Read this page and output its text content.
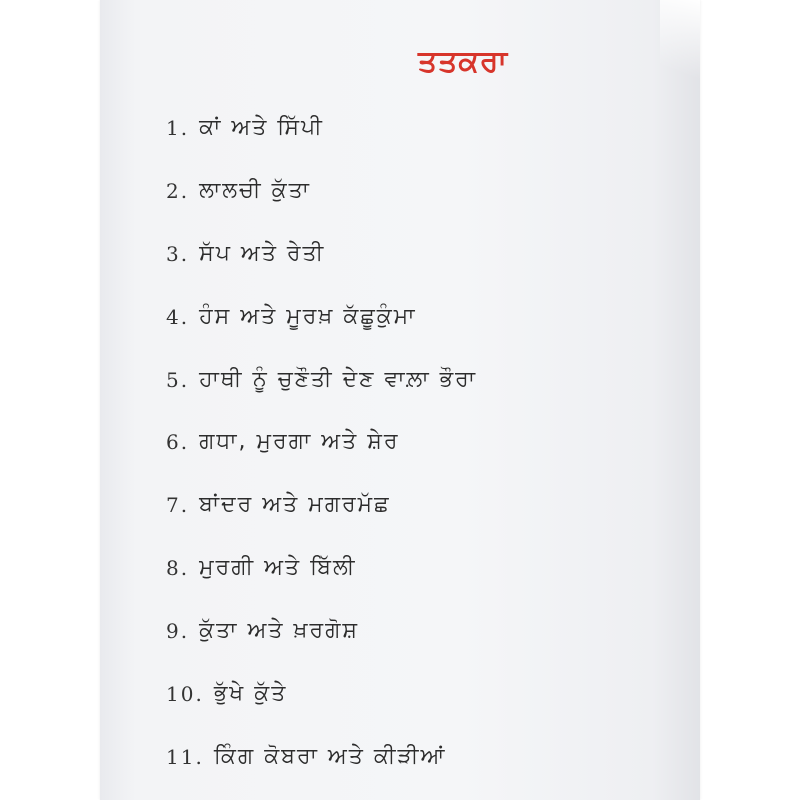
ਤਤਕਰਾ
1. ਕਾਂ ਅਤੇ ਸਿੱਪੀ
2. ਲਾਲਚੀ ਕੁੱਤਾ
3. ਸੱਪ ਅਤੇ ਰੇਤੀ
4. ਹੰਸ ਅਤੇ ਮੂਰਖ਼ ਕੱਛੂਕੁੰਮਾ
5. ਹਾਥੀ ਨੂੰ ਚੁਣੌਤੀ ਦੇਣ ਵਾਲ਼ਾ ਭੌਰਾ
6. ਗਧਾ, ਮੁਰਗਾ ਅਤੇ ਸ਼ੇਰ
7. ਬਾਂਦਰ ਅਤੇ ਮਗਰਮੱਛ
8. ਮੁਰਗੀ ਅਤੇ ਬਿੱਲੀ
9. ਕੁੱਤਾ ਅਤੇ ਖ਼ਰਗੋਸ਼
10. ਭੁੱਖੇ ਕੁੱਤੇ
11. ਕਿੰਗ ਕੋਬਰਾ ਅਤੇ ਕੀੜੀਆਂ
